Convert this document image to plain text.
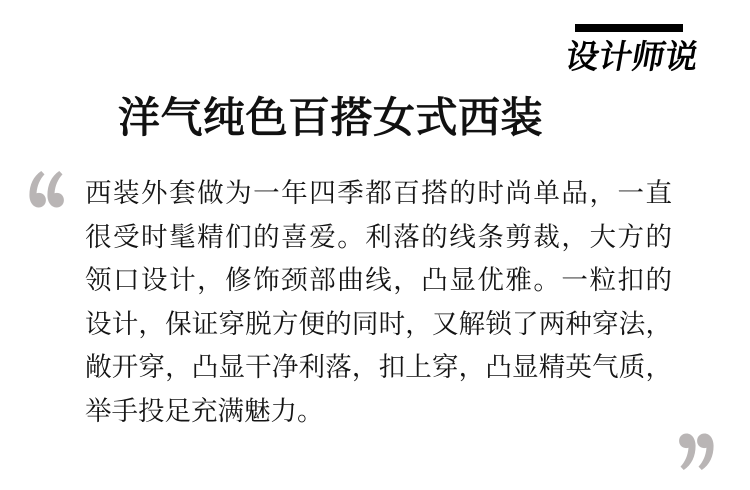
设计师说
洋气纯色百搭女式西装
西装外套做为一年四季都百搭的时尚单品，一直
很受时髦精们的喜爱。利落的线条剪裁，大方的
领口设计，修饰颈部曲线，凸显优雅。一粒扣的
设计，保证穿脱方便的同时，又解锁了两种穿法，
敞开穿，凸显干净利落，扣上穿，凸显精英气质，
举手投足充满魅力。
